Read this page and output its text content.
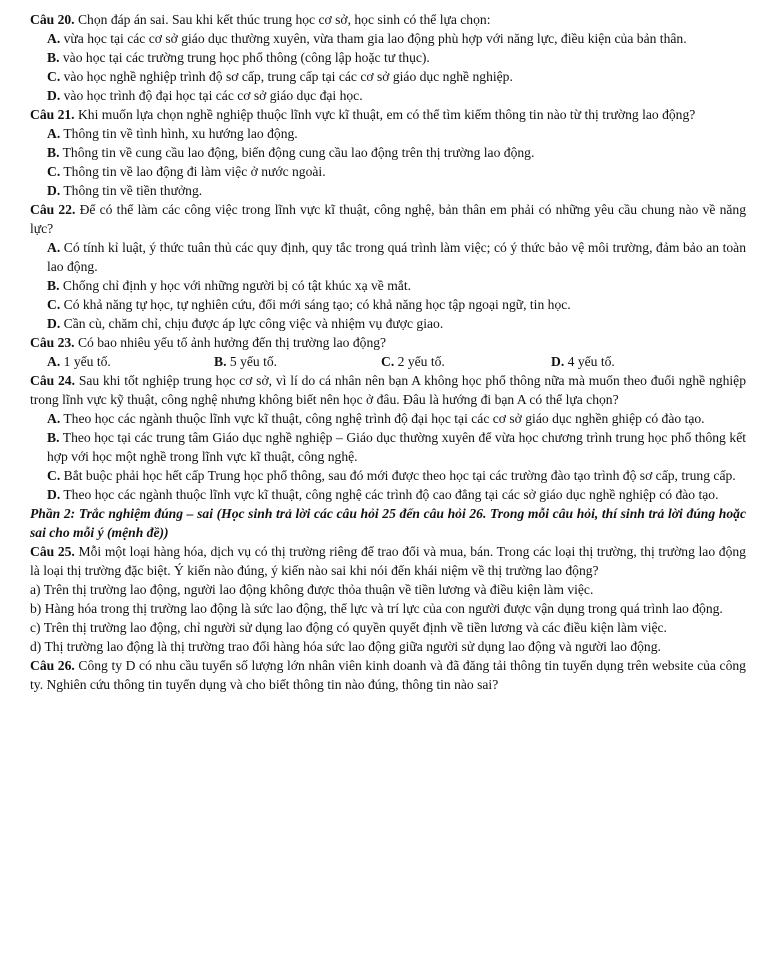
Câu 20. Chọn đáp án sai. Sau khi kết thúc trung học cơ sở, học sinh có thể lựa chọn:

A. vừa học tại các cơ sở giáo dục thường xuyên, vừa tham gia lao động phù hợp với năng lực, điều kiện của bản thân.

B. vào học tại các trường trung học phổ thông (công lập hoặc tư thục).

C. vào học nghề nghiệp trình độ sơ cấp, trung cấp tại các cơ sở giáo dục nghề nghiệp.

D. vào học trình độ đại học tại các cơ sở giáo dục đại học.

Câu 21. Khi muốn lựa chọn nghề nghiệp thuộc lĩnh vực kĩ thuật, em có thể tìm kiếm thông tin nào từ thị trường lao động?

A. Thông tin về tình hình, xu hướng lao động.

B. Thông tin về cung cầu lao động, biến động cung cầu lao động trên thị trường lao động.

C. Thông tin về lao động đi làm việc ở nước ngoài.

D. Thông tin về tiền thưởng.

Câu 22. Để có thể làm các công việc trong lĩnh vực kĩ thuật, công nghệ, bản thân em phải có những yêu cầu chung nào về năng lực?

A. Có tính kỉ luật, ý thức tuân thủ các quy định, quy tắc trong quá trình làm việc; có ý thức bảo vệ môi trường, đảm bảo an toàn lao động.

B. Chống chỉ định y học với những người bị có tật khúc xạ về mắt.

C. Có khả năng tự học, tự nghiên cứu, đổi mới sáng tạo; có khả năng học tập ngoại ngữ, tin học.

D. Cần cù, chăm chỉ, chịu được áp lực công việc và nhiệm vụ được giao.

Câu 23. Có bao nhiêu yếu tố ảnh hưởng đến thị trường lao động?

A. 1 yếu tố.	B. 5 yếu tố.	C. 2 yếu tố.	D. 4 yếu tố.

Câu 24. Sau khi tốt nghiệp trung học cơ sở, vì lí do cá nhân nên bạn A không học phổ thông nữa mà muốn theo đuổi nghề nghiệp trong lĩnh vực kỹ thuật, công nghệ nhưng không biết nên học ở đâu. Đâu là hướng đi bạn A có thể lựa chọn?

A. Theo học các ngành thuộc lĩnh vực kĩ thuật, công nghệ trình độ đại học tại các cơ sở giáo dục nghền ghiệp có đào tạo.

B. Theo học tại các trung tâm Giáo dục nghề nghiệp – Giáo dục thường xuyên để vừa học chương trình trung học phổ thông kết hợp với học một nghề trong lĩnh vực kĩ thuật, công nghệ.

C. Bắt buộc phải học hết cấp Trung học phổ thông, sau đó mới được theo học tại các trường đào tạo trình độ sơ cấp, trung cấp.

D. Theo học các ngành thuộc lĩnh vực kĩ thuật, công nghệ các trình độ cao đẳng tại các sở giáo dục nghề nghiệp có đào tạo.

Phần 2: Trắc nghiệm đúng – sai (Học sinh trả lời các câu hỏi 25 đến câu hỏi 26. Trong mỗi câu hỏi, thí sinh trả lời đúng hoặc sai cho mỗi ý (mệnh đề))

Câu 25. Mỗi một loại hàng hóa, dịch vụ có thị trường riêng để trao đổi và mua, bán. Trong các loại thị trường, thị trường lao động là loại thị trường đặc biệt. Ý kiến nào đúng, ý kiến nào sai khi nói đến khái niệm về thị trường lao động?

a) Trên thị trường lao động, người lao động không được thỏa thuận về tiền lương và điều kiện làm việc.

b) Hàng hóa trong thị trường lao động là sức lao động, thể lực và trí lực của con người được vận dụng trong quá trình lao động.

c) Trên thị trường lao động, chỉ người sử dụng lao động có quyền quyết định về tiền lương và các điều kiện làm việc.

d) Thị trường lao động là thị trường trao đổi hàng hóa sức lao động giữa người sử dụng lao động và người lao động.

Câu 26. Công ty D có nhu cầu tuyển số lượng lớn nhân viên kinh doanh và đã đăng tải thông tin tuyển dụng trên website của công ty. Nghiên cứu thông tin tuyển dụng và cho biết thông tin nào đúng, thông tin nào sai?
